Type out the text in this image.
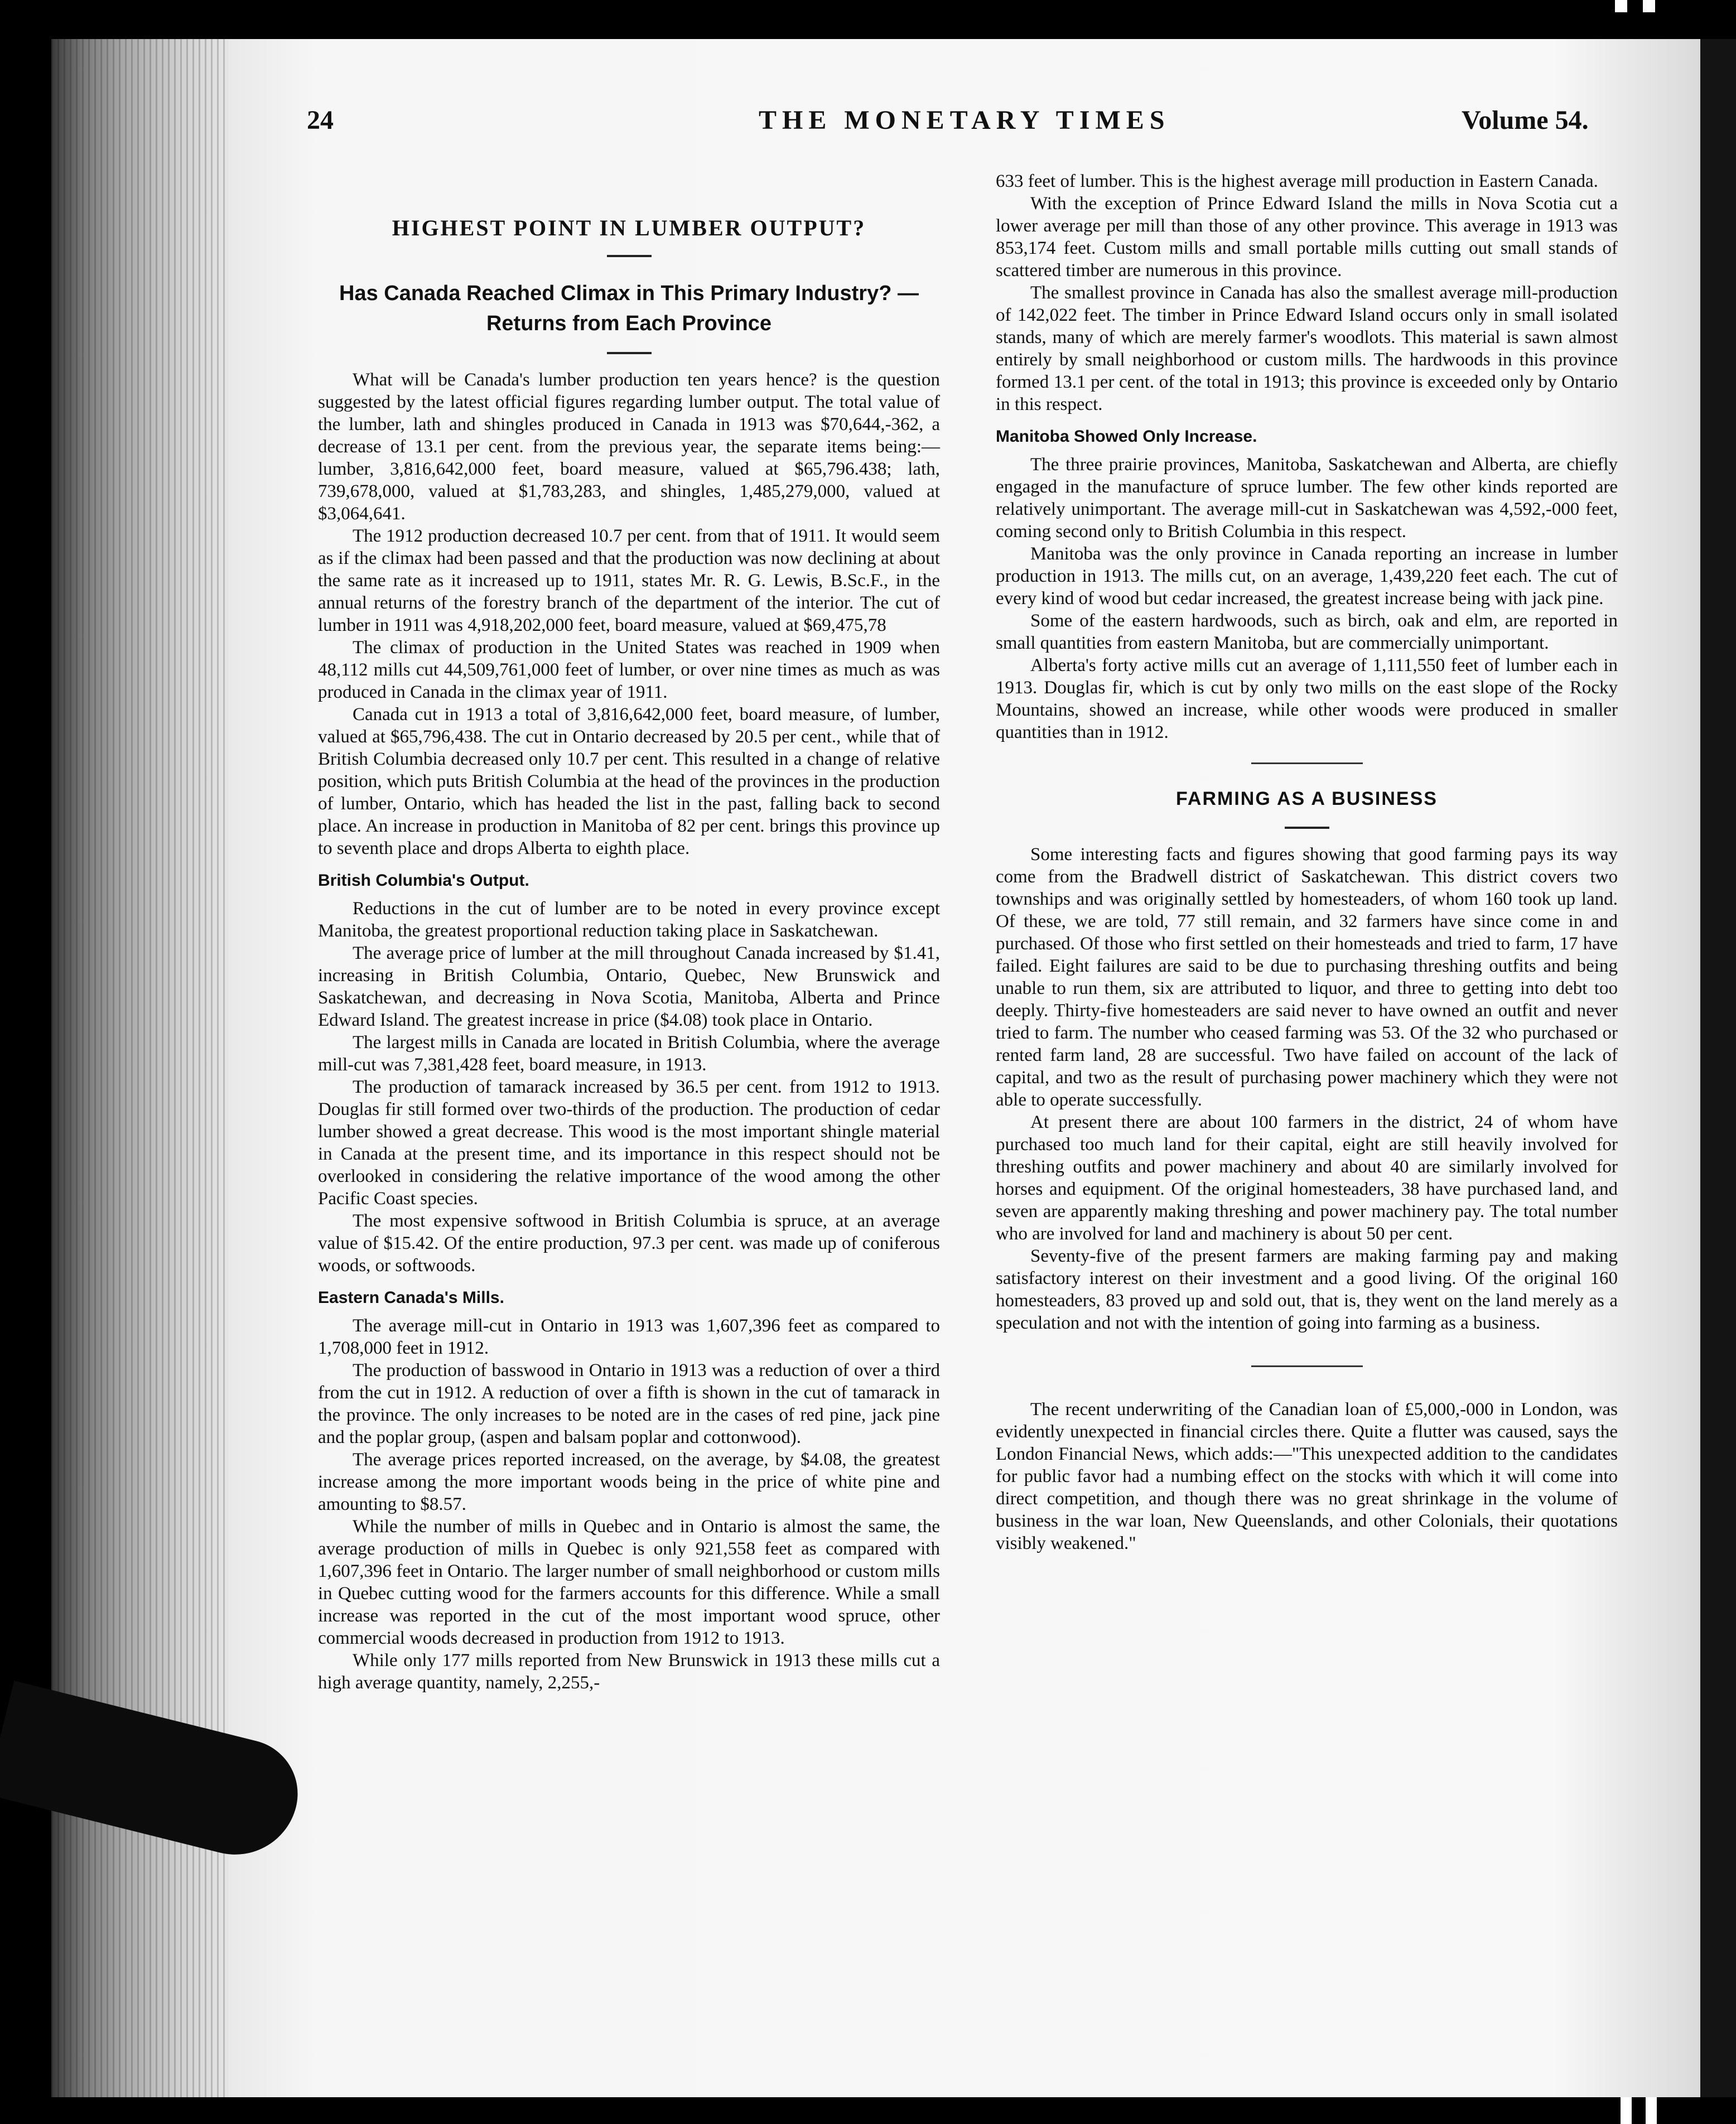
24	THE MONETARY TIMES	Volume 54.
HIGHEST POINT IN LUMBER OUTPUT?
Has Canada Reached Climax in This Primary Industry? —Returns from Each Province

What will be Canada's lumber production ten years hence? is the question suggested by the latest official figures regarding lumber output. The total value of the lumber, lath and shingles produced in Canada in 1913 was $70,644,-362, a decrease of 13.1 per cent. from the previous year, the separate items being:—lumber, 3,816,642,000 feet, board measure, valued at $65,796.438; lath, 739,678,000, valued at $1,783,283, and shingles, 1,485,279,000, valued at $3,064,641.

The 1912 production decreased 10.7 per cent. from that of 1911. It would seem as if the climax had been passed and that the production was now declining at about the same rate as it increased up to 1911, states Mr. R. G. Lewis, B.Sc.F., in the annual returns of the forestry branch of the department of the interior. The cut of lumber in 1911 was 4,918,202,000 feet, board measure, valued at $69,475,78

The climax of production in the United States was reached in 1909 when 48,112 mills cut 44,509,761,000 feet of lumber, or over nine times as much as was produced in Canada in the climax year of 1911.

Canada cut in 1913 a total of 3,816,642,000 feet, board measure, of lumber, valued at $65,796,438. The cut in Ontario decreased by 20.5 per cent., while that of British Columbia decreased only 10.7 per cent. This resulted in a change of relative position, which puts British Columbia at the head of the provinces in the production of lumber, Ontario, which has headed the list in the past, falling back to second place. An increase in production in Manitoba of 82 per cent. brings this province up to seventh place and drops Alberta to eighth place.

British Columbia's Output.

Reductions in the cut of lumber are to be noted in every province except Manitoba, the greatest proportional reduction taking place in Saskatchewan.

The average price of lumber at the mill throughout Canada increased by $1.41, increasing in British Columbia, Ontario, Quebec, New Brunswick and Saskatchewan, and decreasing in Nova Scotia, Manitoba, Alberta and Prince Edward Island. The greatest increase in price ($4.08) took place in Ontario.

The largest mills in Canada are located in British Columbia, where the average mill-cut was 7,381,428 feet, board measure, in 1913.

The production of tamarack increased by 36.5 per cent. from 1912 to 1913. Douglas fir still formed over two-thirds of the production. The production of cedar lumber showed a great decrease. This wood is the most important shingle material in Canada at the present time, and its importance in this respect should not be overlooked in considering the relative importance of the wood among the other Pacific Coast species.

The most expensive softwood in British Columbia is spruce, at an average value of $15.42. Of the entire production, 97.3 per cent. was made up of coniferous woods, or softwoods.

Eastern Canada's Mills.

The average mill-cut in Ontario in 1913 was 1,607,396 feet as compared to 1,708,000 feet in 1912.

The production of basswood in Ontario in 1913 was a reduction of over a third from the cut in 1912. A reduction of over a fifth is shown in the cut of tamarack in the province. The only increases to be noted are in the cases of red pine, jack pine and the poplar group, (aspen and balsam poplar and cottonwood).

The average prices reported increased, on the average, by $4.08, the greatest increase among the more important woods being in the price of white pine and amounting to $8.57.

While the number of mills in Quebec and in Ontario is almost the same, the average production of mills in Quebec is only 921,558 feet as compared with 1,607,396 feet in Ontario. The larger number of small neighborhood or custom mills in Quebec cutting wood for the farmers accounts for this difference. While a small increase was reported in the cut of the most important wood spruce, other commercial woods decreased in production from 1912 to 1913.

While only 177 mills reported from New Brunswick in 1913 these mills cut a high average quantity, namely, 2,255,-

633 feet of lumber. This is the highest average mill production in Eastern Canada.

With the exception of Prince Edward Island the mills in Nova Scotia cut a lower average per mill than those of any other province. This average in 1913 was 853,174 feet. Custom mills and small portable mills cutting out small stands of scattered timber are numerous in this province.

The smallest province in Canada has also the smallest average mill-production of 142,022 feet. The timber in Prince Edward Island occurs only in small isolated stands, many of which are merely farmer's woodlots. This material is sawn almost entirely by small neighborhood or custom mills. The hardwoods in this province formed 13.1 per cent. of the total in 1913; this province is exceeded only by Ontario in this respect.

Manitoba Showed Only Increase.

The three prairie provinces, Manitoba, Saskatchewan and Alberta, are chiefly engaged in the manufacture of spruce lumber. The few other kinds reported are relatively unimportant. The average mill-cut in Saskatchewan was 4,592,-000 feet, coming second only to British Columbia in this respect.

Manitoba was the only province in Canada reporting an increase in lumber production in 1913. The mills cut, on an average, 1,439,220 feet each. The cut of every kind of wood but cedar increased, the greatest increase being with jack pine.

Some of the eastern hardwoods, such as birch, oak and elm, are reported in small quantities from eastern Manitoba, but are commercially unimportant.

Alberta's forty active mills cut an average of 1,111,550 feet of lumber each in 1913. Douglas fir, which is cut by only two mills on the east slope of the Rocky Mountains, showed an increase, while other woods were produced in smaller quantities than in 1912.

FARMING AS A BUSINESS

Some interesting facts and figures showing that good farming pays its way come from the Bradwell district of Saskatchewan. This district covers two townships and was originally settled by homesteaders, of whom 160 took up land. Of these, we are told, 77 still remain, and 32 farmers have since come in and purchased. Of those who first settled on their homesteads and tried to farm, 17 have failed. Eight failures are said to be due to purchasing threshing outfits and being unable to run them, six are attributed to liquor, and three to getting into debt too deeply. Thirty-five homesteaders are said never to have owned an outfit and never tried to farm. The number who ceased farming was 53. Of the 32 who purchased or rented farm land, 28 are successful. Two have failed on account of the lack of capital, and two as the result of purchasing power machinery which they were not able to operate successfully.

At present there are about 100 farmers in the district, 24 of whom have purchased too much land for their capital, eight are still heavily involved for threshing outfits and power machinery and about 40 are similarly involved for horses and equipment. Of the original homesteaders, 38 have purchased land, and seven are apparently making threshing and power machinery pay. The total number who are involved for land and machinery is about 50 per cent.

Seventy-five of the present farmers are making farming pay and making satisfactory interest on their investment and a good living. Of the original 160 homesteaders, 83 proved up and sold out, that is, they went on the land merely as a speculation and not with the intention of going into farming as a business.

The recent underwriting of the Canadian loan of £5,000,-000 in London, was evidently unexpected in financial circles there. Quite a flutter was caused, says the London Financial News, which adds:—"This unexpected addition to the candidates for public favor had a numbing effect on the stocks with which it will come into direct competition, and though there was no great shrinkage in the volume of business in the war loan, New Queenslands, and other Colonials, their quotations visibly weakened."
